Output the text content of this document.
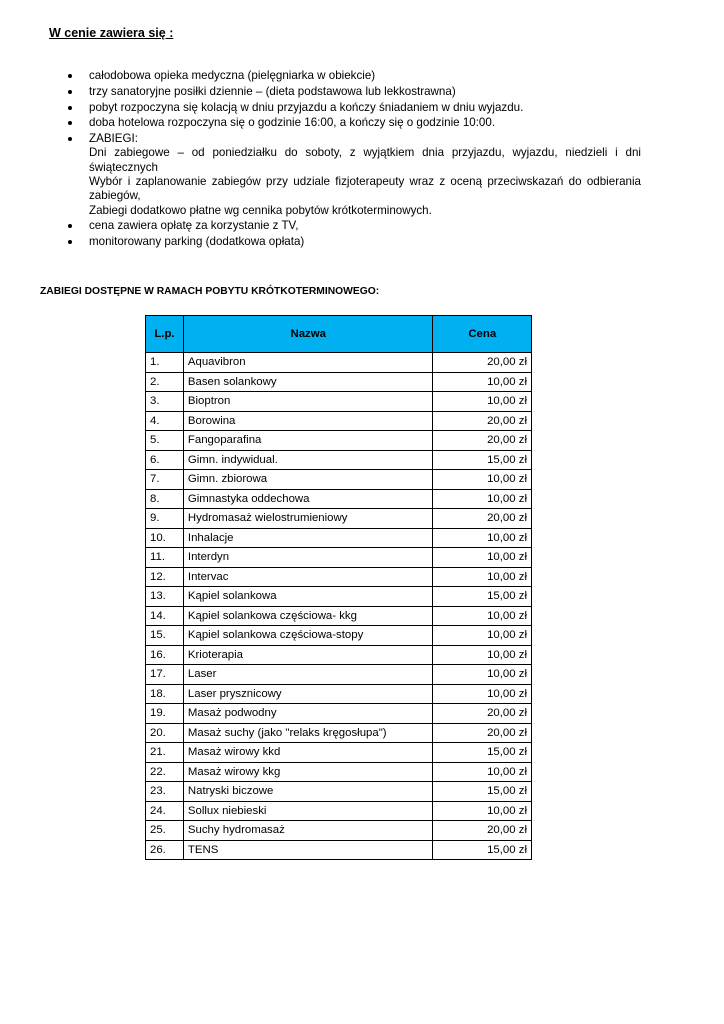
W cenie zawiera się :
całodobowa opieka medyczna (pielęgniarka w obiekcie)
trzy sanatoryjne posiłki dziennie – (dieta podstawowa lub lekkostrawna)
pobyt rozpoczyna się kolacją w dniu przyjazdu a kończy śniadaniem w dniu wyjazdu.
doba hotelowa rozpoczyna się o godzinie 16:00, a kończy się o godzinie 10:00.
ZABIEGI:
Dni zabiegowe – od poniedziałku do soboty, z wyjątkiem dnia przyjazdu, wyjazdu, niedzieli i dni
świątecznych
Wybór i zaplanowanie zabiegów przy udziale fizjoterapeuty wraz z oceną przeciwskazań do odbierania
zabiegów,
Zabiegi dodatkowo płatne wg cennika pobytów krótkoterminowych.
cena zawiera opłatę za korzystanie z TV,
monitorowany parking (dodatkowa opłata)
ZABIEGI DOSTĘPNE W RAMACH POBYTU KRÓTKOTERMINOWEGO:
L.p.	Nazwa	Cena
1.	Aquavibron	20,00 zł
2.	Basen solankowy	10,00 zł
3.	Bioptron	10,00 zł
4.	Borowina	20,00 zł
5.	Fangoparafina	20,00 zł
6.	Gimn. indywidual.	15,00 zł
7.	Gimn. zbiorowa	10,00 zł
8.	Gimnastyka oddechowa	10,00 zł
9.	Hydromasaż wielostrumieniowy	20,00 zł
10.	Inhalacje	10,00 zł
11.	Interdyn	10,00 zł
12.	Intervac	10,00 zł
13.	Kąpiel solankowa	15,00 zł
14.	Kąpiel solankowa częściowa- kkg	10,00 zł
15.	Kąpiel solankowa częściowa-stopy	10,00 zł
16.	Krioterapia	10,00 zł
17.	Laser	10,00 zł
18.	Laser prysznicowy	10,00 zł
19.	Masaż podwodny	20,00 zł
20.	Masaż suchy (jako "relaks kręgosłupa")	20,00 zł
21.	Masaż wirowy kkd	15,00 zł
22.	Masaż wirowy kkg	10,00 zł
23.	Natryski biczowe	15,00 zł
24.	Sollux niebieski	10,00 zł
25.	Suchy hydromasaż	20,00 zł
26.	TENS	15,00 zł
